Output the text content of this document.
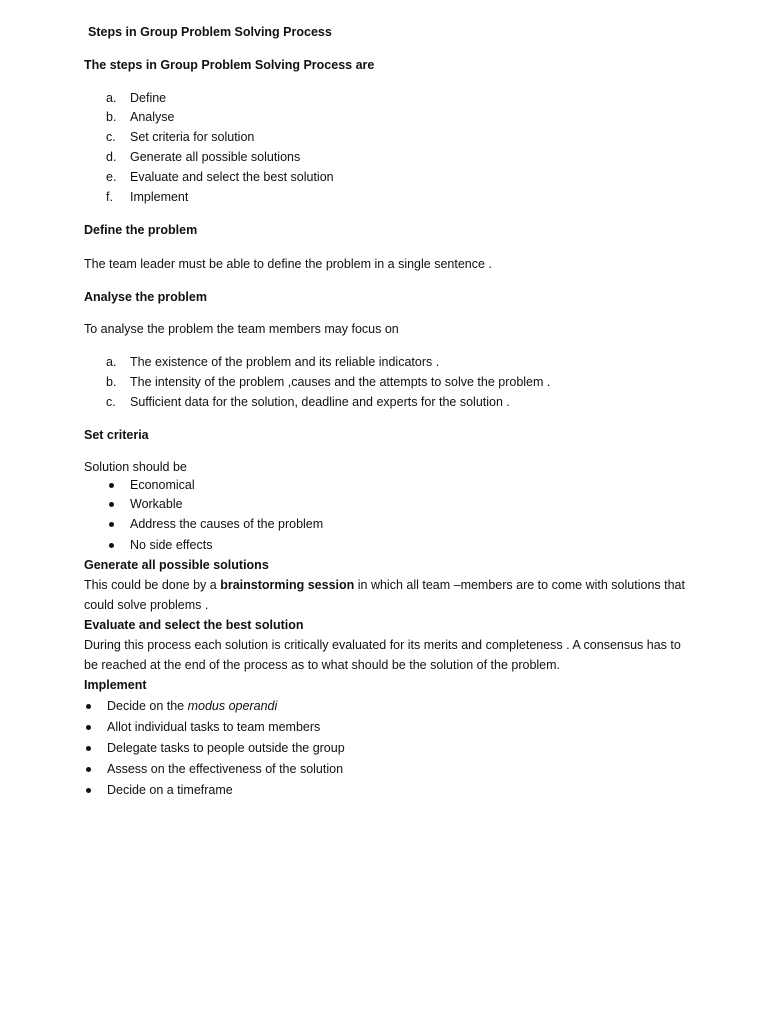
Steps in Group Problem Solving Process
The steps in Group Problem Solving Process are
a. Define
b. Analyse
c. Set criteria for solution
d. Generate all possible solutions
e. Evaluate and select the best solution
f. Implement
Define the problem
The team leader must be able to define the problem in a single sentence .
Analyse the problem
To analyse the problem the team members may focus on
a. The existence of the problem and its reliable indicators .
b. The intensity of the problem ,causes and the attempts to solve the problem .
c. Sufficient data for the solution, deadline and experts for the solution .
Set criteria
Solution should be
Economical
Workable
Address the causes of the problem
No side effects
Generate all possible solutions
This could be done by a brainstorming session in which all team –members are to come with solutions that
could solve problems .
Evaluate and select the best solution
During this process each solution is critically evaluated for its merits and completeness . A consensus has to
be reached at the end of the process as to what should be the solution of the problem.
Implement
Decide on the modus operandi
Allot individual tasks to team members
Delegate tasks to people outside the group
Assess on the effectiveness of the solution
Decide on a timeframe
